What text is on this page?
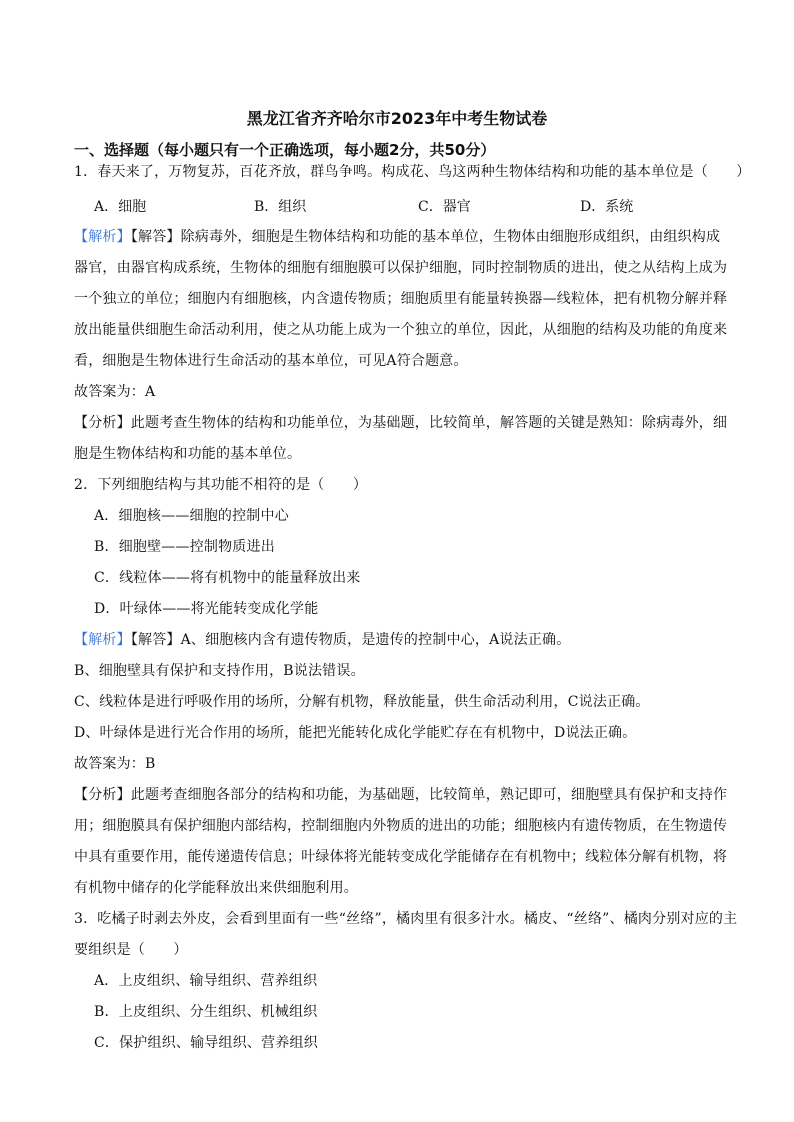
黑龙江省齐齐哈尔市2023年中考生物试卷
一、选择题（每小题只有一个正确选项，每小题2分，共50分）
1．春天来了，万物复苏，百花齐放，群鸟争鸣。构成花、鸟这两种生物体结构和功能的基本单位是（　　）
A．细胞	B．组织	C．器官	D．系统
【解析】【解答】除病毒外，细胞是生物体结构和功能的基本单位，生物体由细胞形成组织，由组织构成
器官，由器官构成系统，生物体的细胞有细胞膜可以保护细胞，同时控制物质的进出，使之从结构上成为
一个独立的单位；细胞内有细胞核，内含遗传物质；细胞质里有能量转换器—线粒体，把有机物分解并释
放出能量供细胞生命活动利用，使之从功能上成为一个独立的单位，因此，从细胞的结构及功能的角度来
看，细胞是生物体进行生命活动的基本单位，可见A符合题意。
故答案为：A
【分析】此题考查生物体的结构和功能单位，为基础题，比较简单，解答题的关键是熟知：除病毒外，细
胞是生物体结构和功能的基本单位。
2．下列细胞结构与其功能不相符的是（　　）
A．细胞核——细胞的控制中心
B．细胞壁——控制物质进出
C．线粒体——将有机物中的能量释放出来
D．叶绿体——将光能转变成化学能
【解析】【解答】A、细胞核内含有遗传物质，是遗传的控制中心，A说法正确。
B、细胞壁具有保护和支持作用，B说法错误。
C、线粒体是进行呼吸作用的场所，分解有机物，释放能量，供生命活动利用，C说法正确。
D、叶绿体是进行光合作用的场所，能把光能转化成化学能贮存在有机物中，D说法正确。
故答案为：B
【分析】此题考查细胞各部分的结构和功能，为基础题，比较简单，熟记即可，细胞壁具有保护和支持作
用；细胞膜具有保护细胞内部结构，控制细胞内外物质的进出的功能；细胞核内有遗传物质，在生物遗传
中具有重要作用，能传递遗传信息；叶绿体将光能转变成化学能储存在有机物中；线粒体分解有机物，将
有机物中储存的化学能释放出来供细胞利用。
3．吃橘子时剥去外皮，会看到里面有一些“丝络”，橘肉里有很多汁水。橘皮、“丝络”、橘肉分别对应的主
要组织是（　　）
A．上皮组织、输导组织、营养组织
B．上皮组织、分生组织、机械组织
C．保护组织、输导组织、营养组织
